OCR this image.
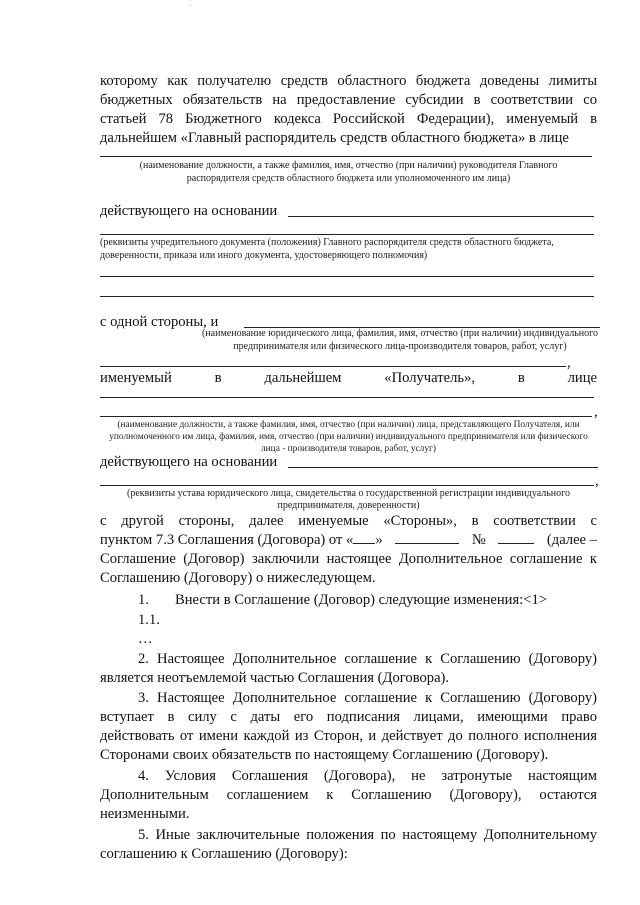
которому как получателю средств областного бюджета доведены лимиты
бюджетных обязательств на предоставление субсидии в соответствии со
статьей 78 Бюджетного кодекса Российской Федерации), именуемый в
дальнейшем «Главный распорядитель средств областного бюджета» в лице
(наименование должности, а также фамилия, имя, отчество (при наличии) руководителя Главного
распорядителя средств областного бюджета или уполномоченного им лица)
действующего на основании
(реквизиты учредительного документа (положения) Главного распорядителя средств областного бюджета,
доверенности, приказа или иного документа, удостоверяющего полномочия)
с одной стороны, и
(наименование юридического лица, фамилия, имя, отчество (при наличии) индивидуального
предпринимателя или физического лица-производителя товаров, работ, услуг)
,
именуемый	в	дальнейшем	«Получатель»,	в	лице
,
(наименование должности, а также фамилия, имя, отчество (при наличии) лица, представляющего Получателя, или
уполномоченного им лица, фамилия, имя, отчество (при наличии) индивидуального предпринимателя или физического
лица - производителя товаров, работ, услуг)
действующего на основании
,
(реквизиты устава юридического лица, свидетельства о государственной регистрации индивидуального
предпринимателя, доверенности)
с другой стороны, далее именуемые «Стороны», в соответствии с
пунктом 7.3 Соглашения (Договора) от « »	№	(далее –
Соглашение (Договор) заключили настоящее Дополнительное соглашение к
Соглашению (Договору) о нижеследующем.
1. Внести в Соглашение (Договор) следующие изменения:<1>
1.1.
…
2. Настоящее Дополнительное соглашение к Соглашению (Договору)
является неотъемлемой частью Соглашения (Договора).
3. Настоящее Дополнительное соглашение к Соглашению (Договору)
вступает в силу с даты его подписания лицами, имеющими право
действовать от имени каждой из Сторон, и действует до полного исполнения
Сторонами своих обязательств по настоящему Соглашению (Договору).
4. Условия Соглашения (Договора), не затронутые настоящим
Дополнительным соглашением к Соглашению (Договору), остаются
неизменными.
5. Иные заключительные положения по настоящему Дополнительному
соглашению к Соглашению (Договору):
